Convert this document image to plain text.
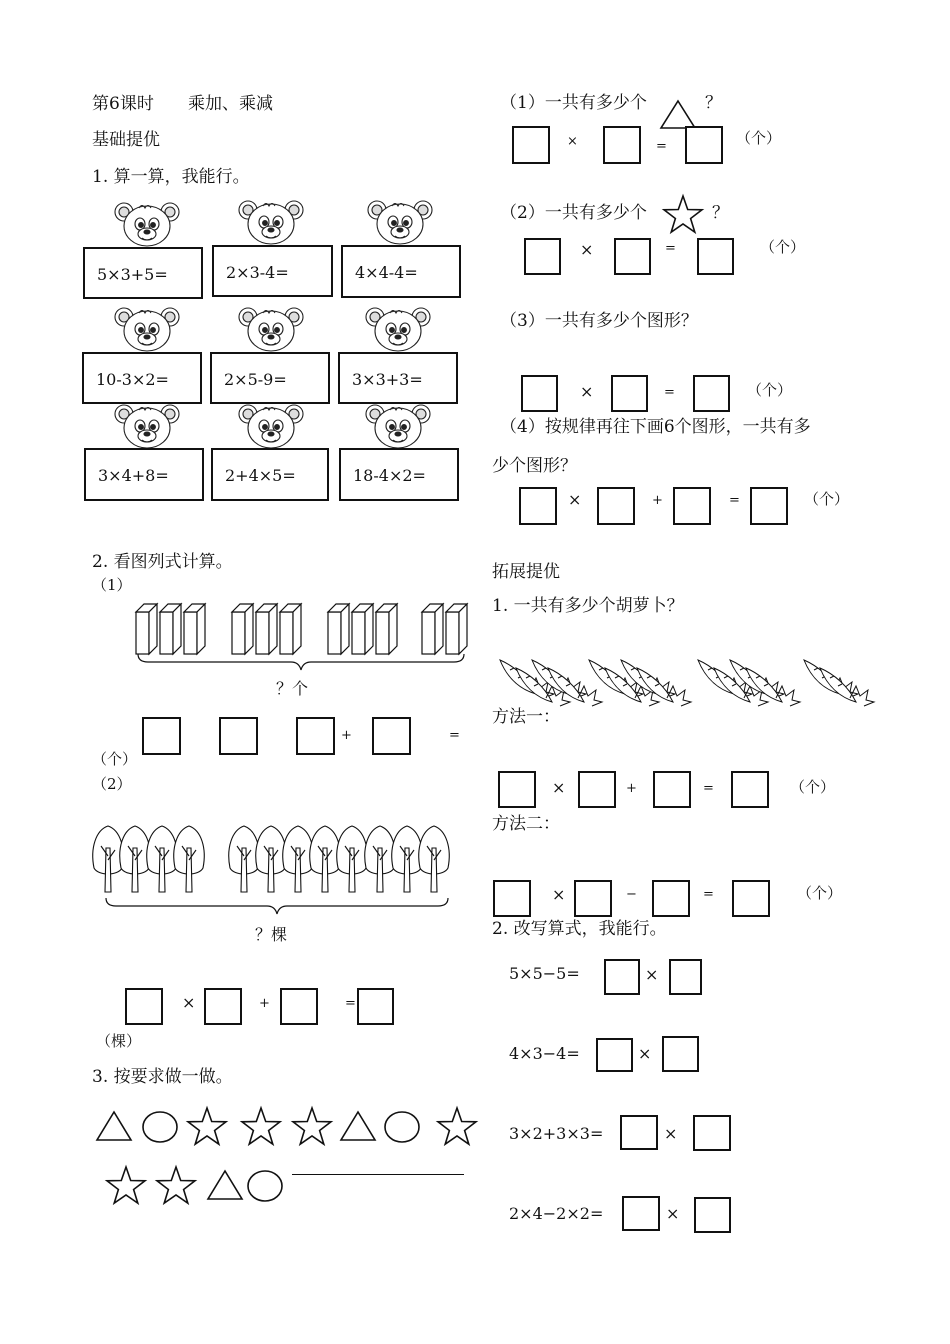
第6课时 乘加、乘减
基础提优
1. 算一算，我能行。
5×3+5=	2×3-4=	4×4-4=
10-3×2=	2×5-9=	3×3+3=
3×4+8=	2+4×5=	18-4×2=
2. 看图列式计算。
（1）
？个
+	=
（个）
（2）
？棵
×	+	=
（棵）
3. 按要求做一做。
（1）一共有多少个	？
×	=	（个）
（2）一共有多少个	？
×	=	（个）
（3）一共有多少个图形？
×	=	（个）
（4）按规律再往下画6个图形，一共有多
少个图形？
×	+	=	（个）
拓展提优
1. 一共有多少个胡萝卜？
方法一：
×	+	=	（个）
方法二：
×	−	=	（个）
2. 改写算式，我能行。
5×5−5=	×
4×3−4=	×
3×2+3×3=	×
2×4−2×2=	×
